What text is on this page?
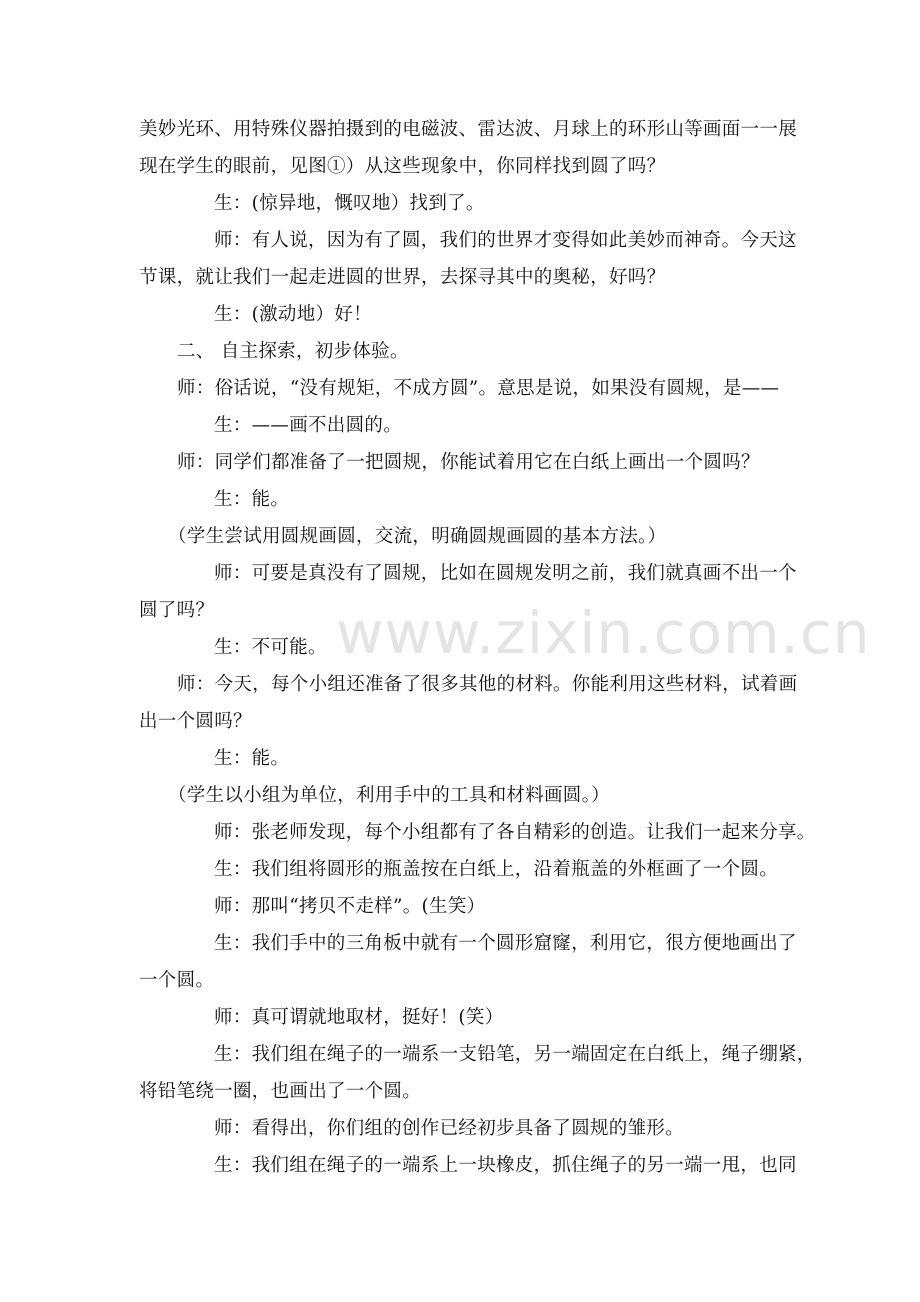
美妙光环、用特殊仪器拍摄到的电磁波、雷达波、月球上的环形山等画面一一展
现在学生的眼前，见图①）从这些现象中，你同样找到圆了吗？
生：(惊异地，慨叹地）找到了。
师：有人说，因为有了圆，我们的世界才变得如此美妙而神奇。今天这
节课，就让我们一起走进圆的世界，去探寻其中的奥秘，好吗？
生：(激动地）好！
二、 自主探索，初步体验。
师：俗话说，“没有规矩，不成方圆”。意思是说，如果没有圆规，是——
生：——画不出圆的。
师：同学们都准备了一把圆规，你能试着用它在白纸上画出一个圆吗？
生：能。
（学生尝试用圆规画圆，交流，明确圆规画圆的基本方法。）
师：可要是真没有了圆规，比如在圆规发明之前，我们就真画不出一个
圆了吗？
生：不可能。
师：今天，每个小组还准备了很多其他的材料。你能利用这些材料，试着画
出一个圆吗？
生：能。
（学生以小组为单位，利用手中的工具和材料画圆。）
师：张老师发现，每个小组都有了各自精彩的创造。让我们一起来分享。
生：我们组将圆形的瓶盖按在白纸上，沿着瓶盖的外框画了一个圆。
师：那叫“拷贝不走样”。(生笑）
生：我们手中的三角板中就有一个圆形窟窿，利用它，很方便地画出了
一个圆。
师：真可谓就地取材，挺好！(笑）
生：我们组在绳子的一端系一支铅笔，另一端固定在白纸上，绳子绷紧，
将铅笔绕一圈，也画出了一个圆。
师：看得出，你们组的创作已经初步具备了圆规的雏形。
生：我们组在绳子的一端系上一块橡皮，抓住绳子的另一端一甩，也同
www.zixin.com.cn
